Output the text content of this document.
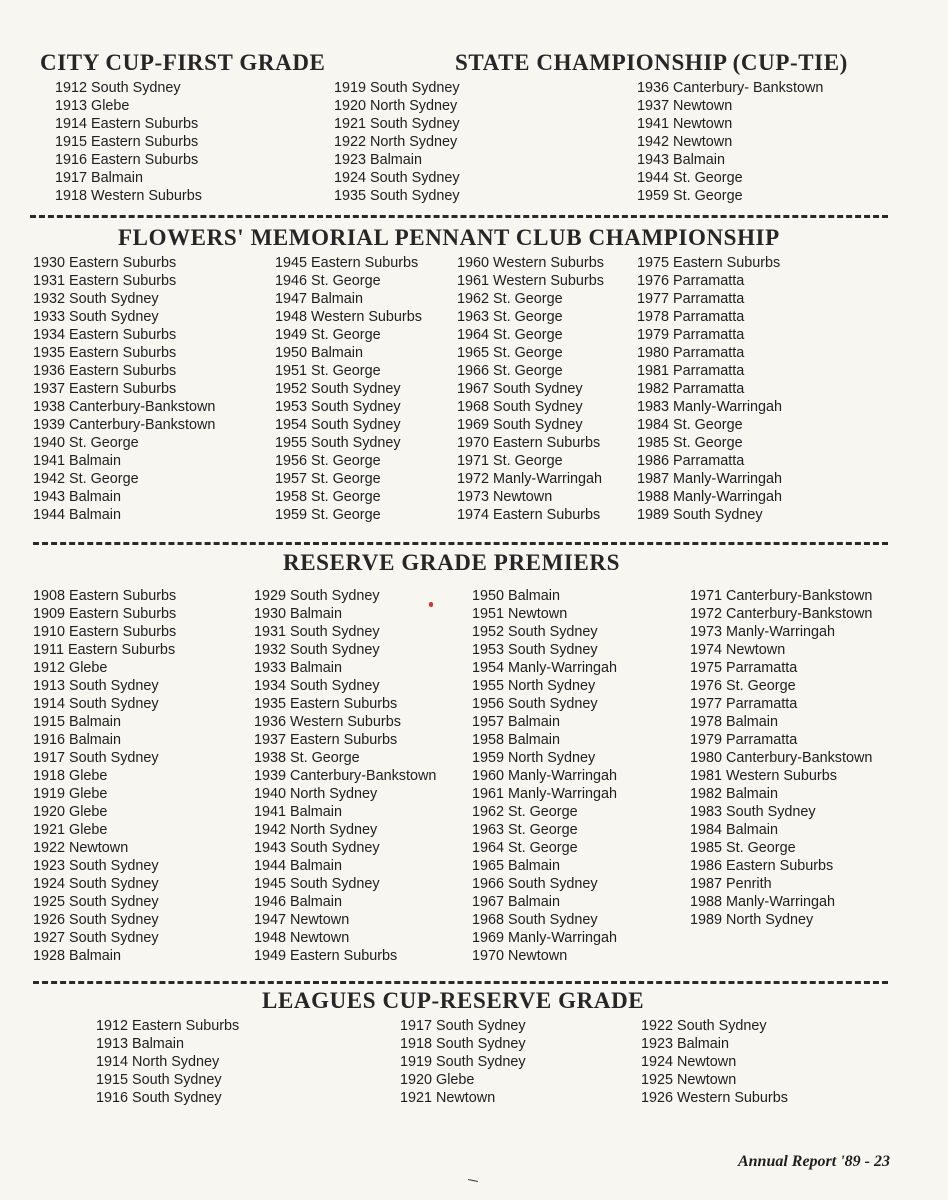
CITY CUP-FIRST GRADE	STATE CHAMPIONSHIP (CUP-TIE)
1912 South Sydney
1913 Glebe
1914 Eastern Suburbs
1915 Eastern Suburbs
1916 Eastern Suburbs
1917 Balmain
1918 Western Suburbs
1919 South Sydney
1920 North Sydney
1921 South Sydney
1922 North Sydney
1923 Balmain
1924 South Sydney
1935 South Sydney
1936 Canterbury- Bankstown
1937 Newtown
1941 Newtown
1942 Newtown
1943 Balmain
1944 St. George
1959 St. George
FLOWERS' MEMORIAL PENNANT CLUB CHAMPIONSHIP
1930 Eastern Suburbs
1931 Eastern Suburbs
1932 South Sydney
1933 South Sydney
1934 Eastern Suburbs
1935 Eastern Suburbs
1936 Eastern Suburbs
1937 Eastern Suburbs
1938 Canterbury-Bankstown
1939 Canterbury-Bankstown
1940 St. George
1941 Balmain
1942 St. George
1943 Balmain
1944 Balmain
1945 Eastern Suburbs
1946 St. George
1947 Balmain
1948 Western Suburbs
1949 St. George
1950 Balmain
1951 St. George
1952 South Sydney
1953 South Sydney
1954 South Sydney
1955 South Sydney
1956 St. George
1957 St. George
1958 St. George
1959 St. George
1960 Western Suburbs
1961 Western Suburbs
1962 St. George
1963 St. George
1964 St. George
1965 St. George
1966 St. George
1967 South Sydney
1968 South Sydney
1969 South Sydney
1970 Eastern Suburbs
1971 St. George
1972 Manly-Warringah
1973 Newtown
1974 Eastern Suburbs
1975 Eastern Suburbs
1976 Parramatta
1977 Parramatta
1978 Parramatta
1979 Parramatta
1980 Parramatta
1981 Parramatta
1982 Parramatta
1983 Manly-Warringah
1984 St. George
1985 St. George
1986 Parramatta
1987 Manly-Warringah
1988 Manly-Warringah
1989 South Sydney
RESERVE GRADE PREMIERS
1908 Eastern Suburbs
1909 Eastern Suburbs
1910 Eastern Suburbs
1911 Eastern Suburbs
1912 Glebe
1913 South Sydney
1914 South Sydney
1915 Balmain
1916 Balmain
1917 South Sydney
1918 Glebe
1919 Glebe
1920 Glebe
1921 Glebe
1922 Newtown
1923 South Sydney
1924 South Sydney
1925 South Sydney
1926 South Sydney
1927 South Sydney
1928 Balmain
1929 South Sydney
1930 Balmain
1931 South Sydney
1932 South Sydney
1933 Balmain
1934 South Sydney
1935 Eastern Suburbs
1936 Western Suburbs
1937 Eastern Suburbs
1938 St. George
1939 Canterbury-Bankstown
1940 North Sydney
1941 Balmain
1942 North Sydney
1943 South Sydney
1944 Balmain
1945 South Sydney
1946 Balmain
1947 Newtown
1948 Newtown
1949 Eastern Suburbs
1950 Balmain
1951 Newtown
1952 South Sydney
1953 South Sydney
1954 Manly-Warringah
1955 North Sydney
1956 South Sydney
1957 Balmain
1958 Balmain
1959 North Sydney
1960 Manly-Warringah
1961 Manly-Warringah
1962 St. George
1963 St. George
1964 St. George
1965 Balmain
1966 South Sydney
1967 Balmain
1968 South Sydney
1969 Manly-Warringah
1970 Newtown
1971 Canterbury-Bankstown
1972 Canterbury-Bankstown
1973 Manly-Warringah
1974 Newtown
1975 Parramatta
1976 St. George
1977 Parramatta
1978 Balmain
1979 Parramatta
1980 Canterbury-Bankstown
1981 Western Suburbs
1982 Balmain
1983 South Sydney
1984 Balmain
1985 St. George
1986 Eastern Suburbs
1987 Penrith
1988 Manly-Warringah
1989 North Sydney
LEAGUES CUP-RESERVE GRADE
1912 Eastern Suburbs
1913 Balmain
1914 North Sydney
1915 South Sydney
1916 South Sydney
1917 South Sydney
1918 South Sydney
1919 South Sydney
1920 Glebe
1921 Newtown
1922 South Sydney
1923 Balmain
1924 Newtown
1925 Newtown
1926 Western Suburbs
Annual Report '89 - 23
